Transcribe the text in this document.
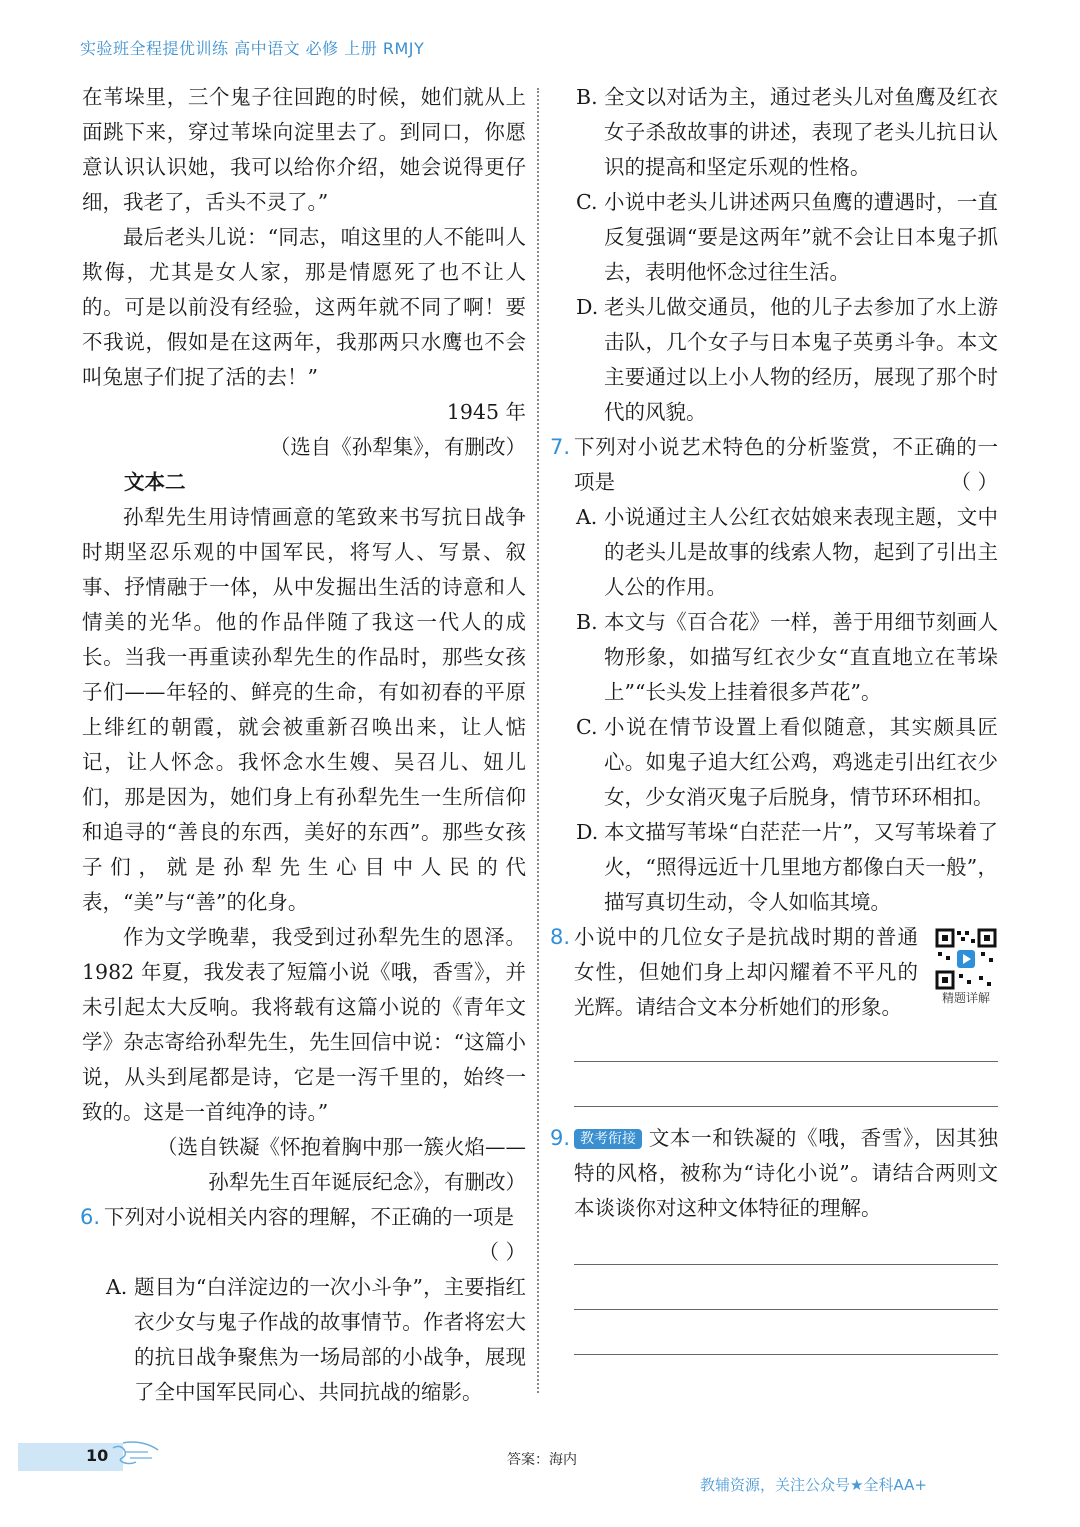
实验班全程提优训练 高中语文 必修 上册 RMJY

在苇垛里，三个鬼子往回跑的时候，她们就从上面跳下来，穿过苇垛向淀里去了。到同口，你愿意认识认识她，我可以给你介绍，她会说得更仔细，我老了，舌头不灵了。”

最后老头儿说：“同志，咱这里的人不能叫人欺侮，尤其是女人家，那是情愿死了也不让人的。可是以前没有经验，这两年就不同了啊！要不我说，假如是在这两年，我那两只水鹰也不会叫兔崽子们捉了活的去！”

1945 年

（选自《孙犁集》，有删改）

文本二

孙犁先生用诗情画意的笔致来书写抗日战争时期坚忍乐观的中国军民，将写人、写景、叙事、抒情融于一体，从中发掘出生活的诗意和人情美的光华。他的作品伴随了我这一代人的成长。当我一再重读孙犁先生的作品时，那些女孩子们——年轻的、鲜亮的生命，有如初春的平原上绯红的朝霞，就会被重新召唤出来，让人惦记，让人怀念。我怀念水生嫂、吴召儿、妞儿们，那是因为，她们身上有孙犁先生一生所信仰和追寻的“善良的东西，美好的东西”。那些女孩子们，就是孙犁先生心目中人民的代表，“美”与“善”的化身。

作为文学晚辈，我受到过孙犁先生的恩泽。1982 年夏，我发表了短篇小说《哦，香雪》，并未引起太大反响。我将载有这篇小说的《青年文学》杂志寄给孙犁先生，先生回信中说：“这篇小说，从头到尾都是诗，它是一泻千里的，始终一致的。这是一首纯净的诗。”

（选自铁凝《怀抱着胸中那一簇火焰——

孙犁先生百年诞辰纪念》，有删改）

6. 下列对小说相关内容的理解，不正确的一项是

（ ）
A. 题目为“白洋淀边的一次小斗争”，主要指红衣少女与鬼子作战的故事情节。作者将宏大的抗日战争聚焦为一场局部的小战争，展现了全中国军民同心、共同抗战的缩影。
B. 全文以对话为主，通过老头儿对鱼鹰及红衣女子杀敌故事的讲述，表现了老头儿抗日认识的提高和坚定乐观的性格。
C. 小说中老头儿讲述两只鱼鹰的遭遇时，一直反复强调“要是这两年”就不会让日本鬼子抓去，表明他怀念过往生活。
D. 老头儿做交通员，他的儿子去参加了水上游击队，几个女子与日本鬼子英勇斗争。本文主要通过以上小人物的经历，展现了那个时代的风貌。
7. 下列对小说艺术特色的分析鉴赏，不正确的一项是	（ ）
A. 小说通过主人公红衣姑娘来表现主题，文中的老头儿是故事的线索人物，起到了引出主人公的作用。
B. 本文与《百合花》一样，善于用细节刻画人物形象，如描写红衣少女“直直地立在苇垛上”“长头发上挂着很多芦花”。
C. 小说在情节设置上看似随意，其实颇具匠心。如鬼子追大红公鸡，鸡逃走引出红衣少女，少女消灭鬼子后脱身，情节环环相扣。
D. 本文描写苇垛“白茫茫一片”，又写苇垛着了火，“照得远近十几里地方都像白天一般”，描写真切生动，令人如临其境。
8. 小说中的几位女子是抗战时期的普通女性，但她们身上却闪耀着不平凡的光辉。请结合文本分析她们的形象。	精题详解
9. 教考衔接 文本一和铁凝的《哦，香雪》，因其独特的风格，被称为“诗化小说”。请结合两则文本谈谈你对这种文体特征的理解。

10	答案：海内
教辅资源，关注公众号★全科AA+
